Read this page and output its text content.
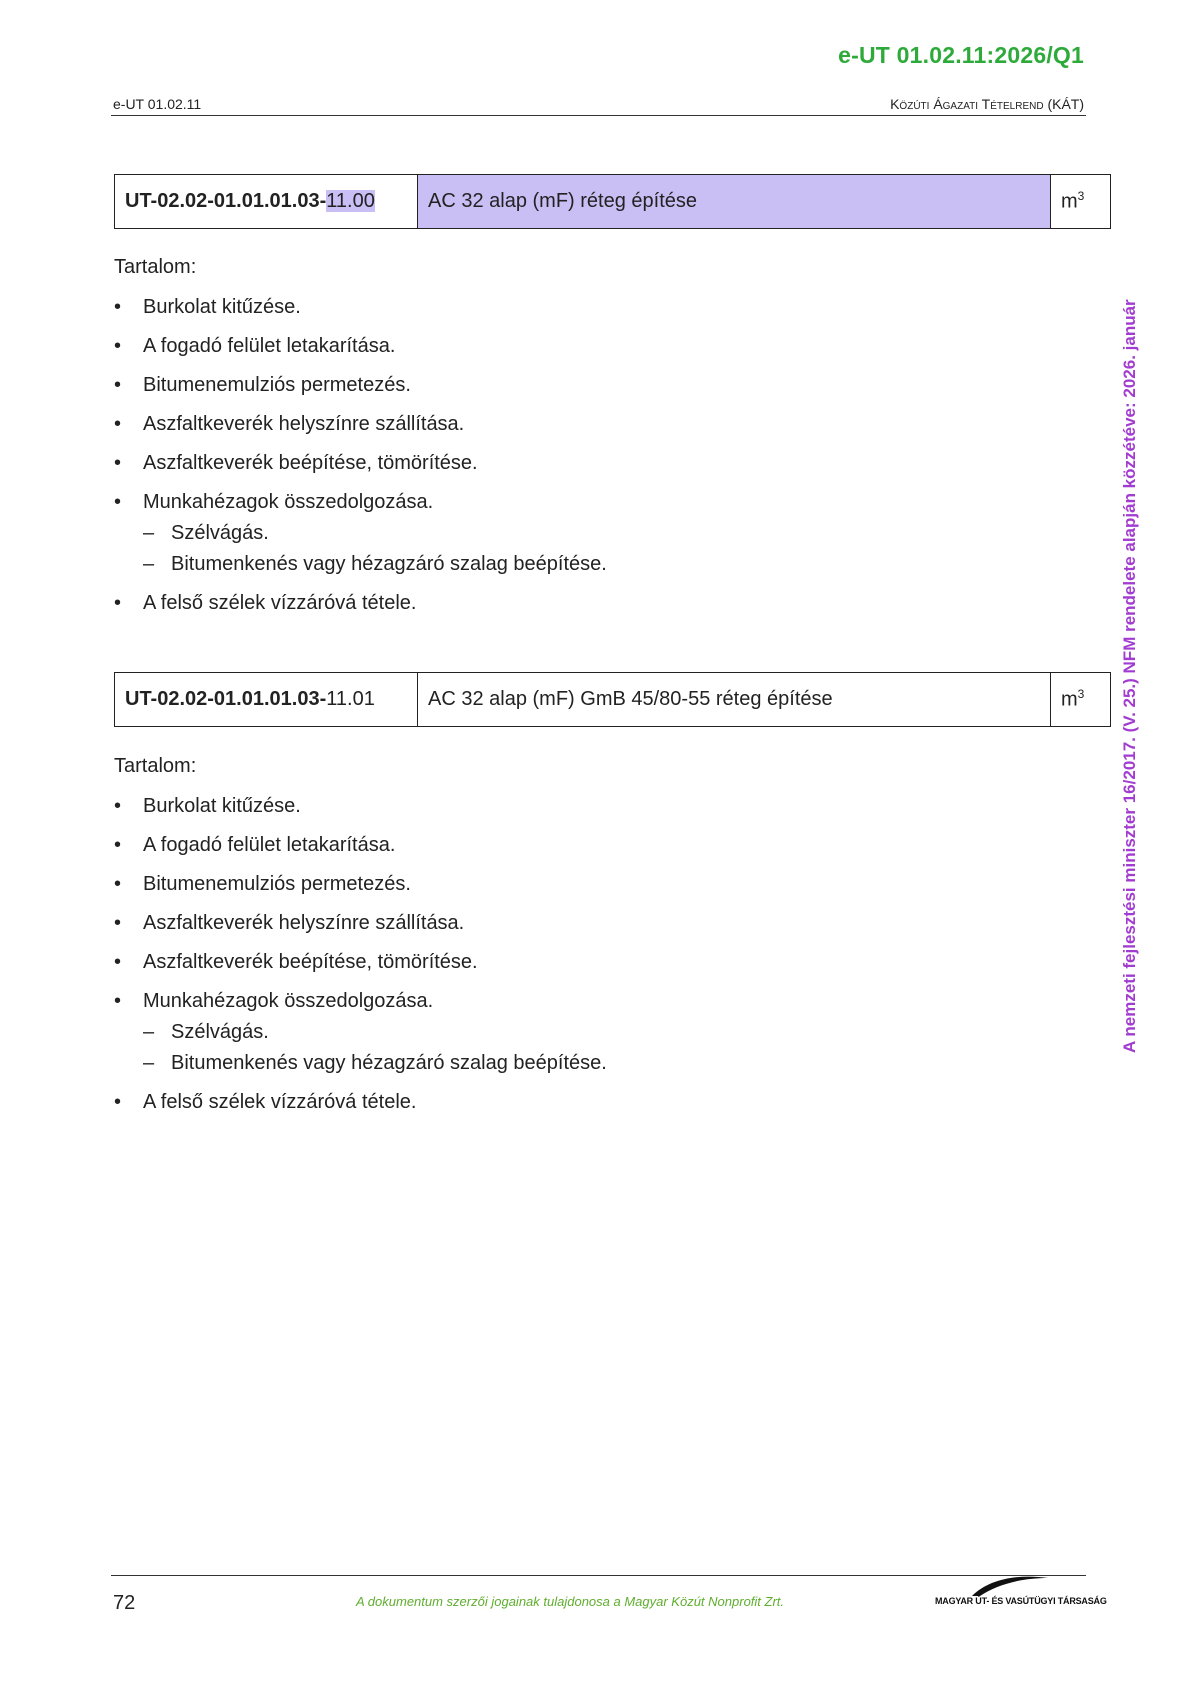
e-UT 01.02.11:2026/Q1
e-UT 01.02.11	Közúti Ágazati Tételrend (KÁT)
A nemzeti fejlesztési miniszter 16/2017. (V. 25.) NFM rendelete alapján közzétéve: 2026. január
UT-02.02-01.01.01.03-11.00	AC 32 alap (mF) réteg építése	$m^3$
Tartalom:
• Burkolat kitűzése.
• A fogadó felület letakarítása.
• Bitumenemulziós permetezés.
• Aszfaltkeverék helyszínre szállítása.
• Aszfaltkeverék beépítése, tömörítése.
• Munkahézagok összedolgozása.
– Szélvágás.
– Bitumenkenés vagy hézagzáró szalag beépítése.
• A felső szélek vízzáróvá tétele.
UT-02.02-01.01.01.03-11.01	AC 32 alap (mF) GmB 45/80-55 réteg építése	$m^3$
Tartalom:
• Burkolat kitűzése.
• A fogadó felület letakarítása.
• Bitumenemulziós permetezés.
• Aszfaltkeverék helyszínre szállítása.
• Aszfaltkeverék beépítése, tömörítése.
• Munkahézagok összedolgozása.
– Szélvágás.
– Bitumenkenés vagy hézagzáró szalag beépítése.
• A felső szélek vízzáróvá tétele.
72	A dokumentum szerzői jogainak tulajdonosa a Magyar Közút Nonprofit Zrt.	MAGYAR ÚT- ÉS VASÚTÜGYI TÁRSASÁG
